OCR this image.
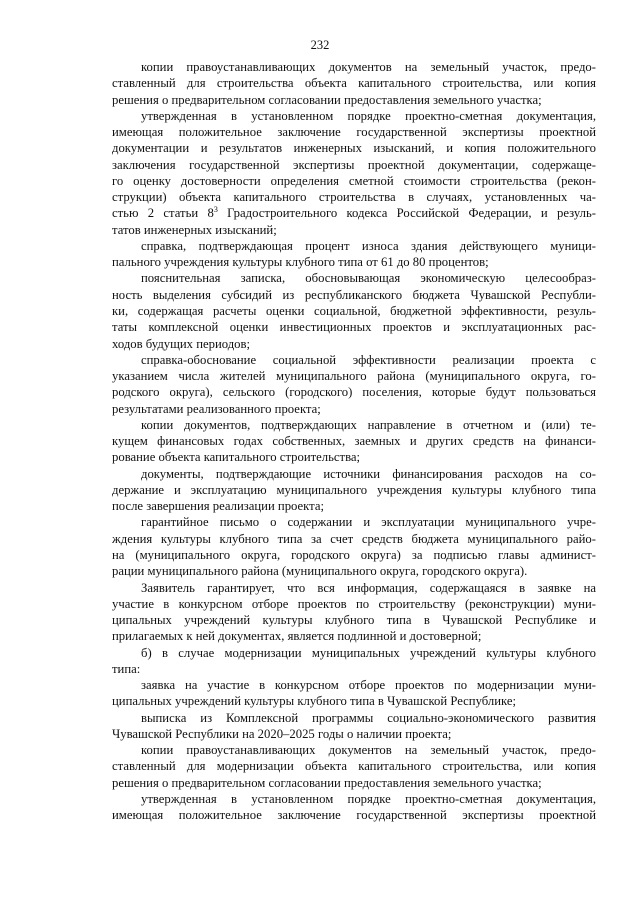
232
копии правоустанавливающих документов на земельный участок, предо-
ставленный для строительства объекта капитального строительства, или копия
решения о предварительном согласовании предоставления земельного участка;
утвержденная в установленном порядке проектно-сметная документация,
имеющая положительное заключение государственной экспертизы проектной
документации и результатов инженерных изысканий, и копия положительного
заключения государственной экспертизы проектной документации, содержаще-
го оценку достоверности определения сметной стоимости строительства (рекон-
струкции) объекта капитального строительства в случаях, установленных ча-
стью 2 статьи $8^3$ Градостроительного кодекса Российской Федерации, и резуль-
татов инженерных изысканий;
справка, подтверждающая процент износа здания действующего муници-
пального учреждения культуры клубного типа от 61 до 80 процентов;
пояснительная записка, обосновывающая экономическую целесообраз-
ность выделения субсидий из республиканского бюджета Чувашской Республи-
ки, содержащая расчеты оценки социальной, бюджетной эффективности, резуль-
таты комплексной оценки инвестиционных проектов и эксплуатационных рас-
ходов будущих периодов;
справка-обоснование социальной эффективности реализации проекта с
указанием числа жителей муниципального района (муниципального округа, го-
родского округа), сельского (городского) поселения, которые будут пользоваться
результатами реализованного проекта;
копии документов, подтверждающих направление в отчетном и (или) те-
кущем финансовых годах собственных, заемных и других средств на финанси-
рование объекта капитального строительства;
документы, подтверждающие источники финансирования расходов на со-
держание и эксплуатацию муниципального учреждения культуры клубного типа
после завершения реализации проекта;
гарантийное письмо о содержании и эксплуатации муниципального учре-
ждения культуры клубного типа за счет средств бюджета муниципального райо-
на (муниципального округа, городского округа) за подписью главы админист-
рации муниципального района (муниципального округа, городского округа).
Заявитель гарантирует, что вся информация, содержащаяся в заявке на
участие в конкурсном отборе проектов по строительству (реконструкции) муни-
ципальных учреждений культуры клубного типа в Чувашской Республике и
прилагаемых к ней документах, является подлинной и достоверной;
б) в случае модернизации муниципальных учреждений культуры клубного
типа:
заявка на участие в конкурсном отборе проектов по модернизации муни-
ципальных учреждений культуры клубного типа в Чувашской Республике;
выписка из Комплексной программы социально-экономического развития
Чувашской Республики на 2020–2025 годы о наличии проекта;
копии правоустанавливающих документов на земельный участок, предо-
ставленный для модернизации объекта капитального строительства, или копия
решения о предварительном согласовании предоставления земельного участка;
утвержденная в установленном порядке проектно-сметная документация,
имеющая положительное заключение государственной экспертизы проектной
